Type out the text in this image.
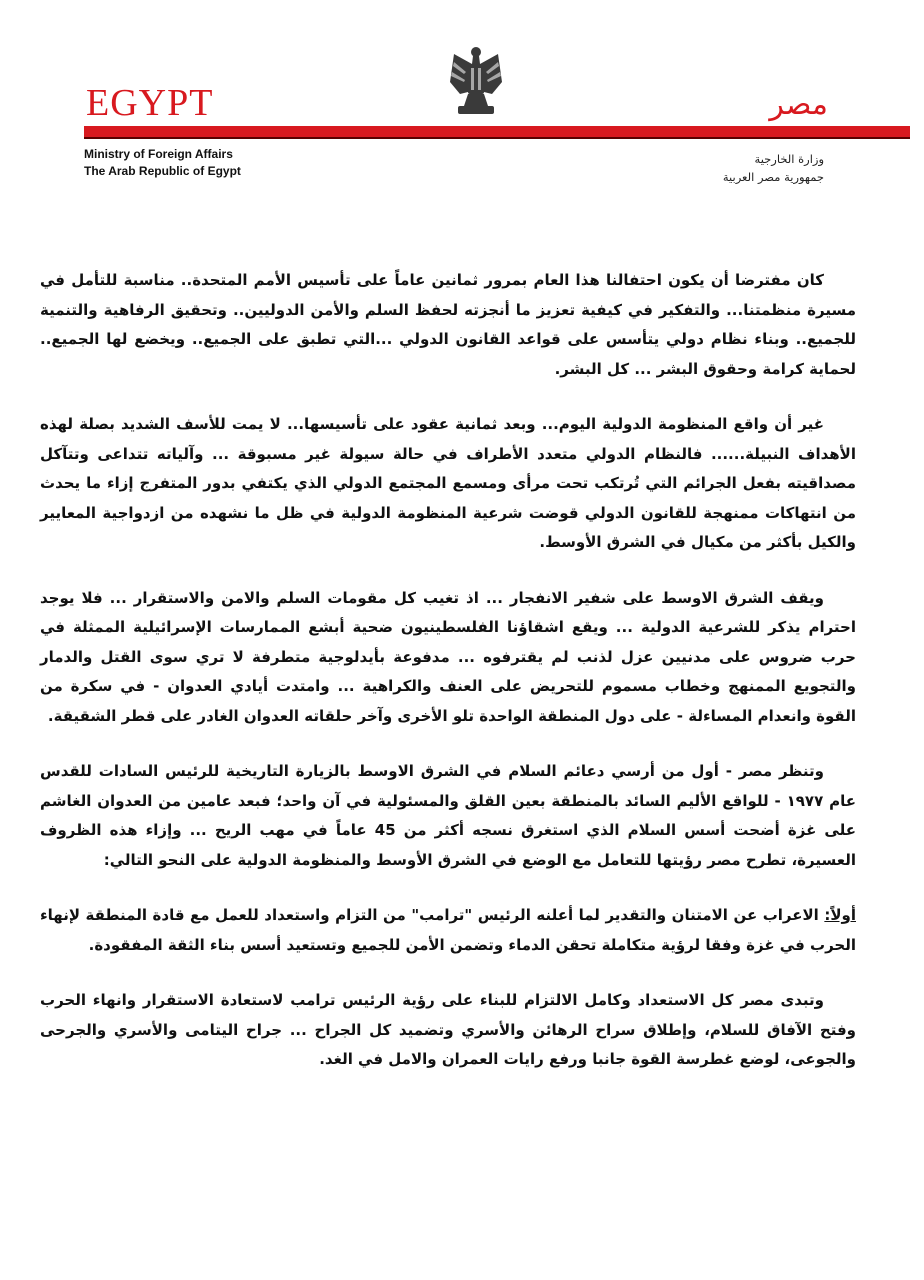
EGYPT	مصر
Ministry of Foreign Affairs
The Arab Republic of Egypt
وزارة الخارجية
جمهورية مصر العربية

كان مفترضا أن يكون احتفالنا هذا العام بمرور ثمانين عاماً على تأسيس الأمم المتحدة.. مناسبة للتأمل في مسيرة منظمتنا... والتفكير في كيفية تعزيز ما أنجزته لحفظ السلم والأمن الدوليين.. وتحقيق الرفاهية والتنمية للجميع.. وبناء نظام دولي يتأسس على قواعد القانون الدولي ...التي تطبق على الجميع.. ويخضع لها الجميع.. لحماية كرامة وحقوق البشر ... كل البشر.

غير أن واقع المنظومة الدولية اليوم... وبعد ثمانية عقود على تأسيسها... لا يمت للأسف الشديد بصلة لهذه الأهداف النبيلة...... فالنظام الدولي متعدد الأطراف في حالة سيولة غير مسبوقة ... وآلياته تتداعى وتتآكل مصداقيته بفعل الجرائم التي تُرتكب تحت مرأى ومسمع المجتمع الدولي الذي يكتفي بدور المتفرج إزاء ما يحدث من انتهاكات ممنهجة للقانون الدولي قوضت شرعية المنظومة الدولية في ظل ما نشهده من ازدواجية المعايير والكيل بأكثر من مكيال في الشرق الأوسط.

ويقف الشرق الاوسط على شفير الانفجار ... اذ تغيب كل مقومات السلم والامن والاستقرار ... فلا يوجد احترام يذكر للشرعية الدولية ... ويقع اشقاؤنا الفلسطينيون ضحية أبشع الممارسات الإسرائيلية الممثلة في حرب ضروس على مدنيين عزل لذنب لم يقترفوه ... مدفوعة بأيدلوجية متطرفة لا تري سوى القتل والدمار والتجويع الممنهج وخطاب مسموم للتحريض على العنف والكراهية ... وامتدت أيادي العدوان - في سكرة من القوة وانعدام المساءلة - على دول المنطقة الواحدة تلو الأخرى وآخر حلقاته العدوان الغادر على قطر الشقيقة.

وتنظر مصر - أول من أرسي دعائم السلام في الشرق الاوسط بالزيارة التاريخية للرئيس السادات للقدس عام ١٩٧٧ - للواقع الأليم السائد بالمنطقة بعين القلق والمسئولية في آن واحد؛ فبعد عامين من العدوان الغاشم على غزة أضحت أسس السلام الذي استغرق نسجه أكثر من 45 عاماً في مهب الريح ... وإزاء هذه الظروف العسيرة، تطرح مصر رؤيتها للتعامل مع الوضع في الشرق الأوسط والمنظومة الدولية على النحو التالي:

أولاً: الاعراب عن الامتنان والتقدير لما أعلنه الرئيس "ترامب" من التزام واستعداد للعمل مع قادة المنطقة لإنهاء الحرب في غزة وفقا لرؤية متكاملة تحقن الدماء وتضمن الأمن للجميع وتستعيد أسس بناء الثقة المفقودة.

وتبدى مصر كل الاستعداد وكامل الالتزام للبناء على رؤية الرئيس ترامب لاستعادة الاستقرار وانهاء الحرب وفتح الآفاق للسلام، وإطلاق سراح الرهائن والأسري وتضميد كل الجراح ... جراح اليتامى والأسري والجرحى والجوعى، لوضع غطرسة القوة جانبا ورفع رايات العمران والامل في الغد.
